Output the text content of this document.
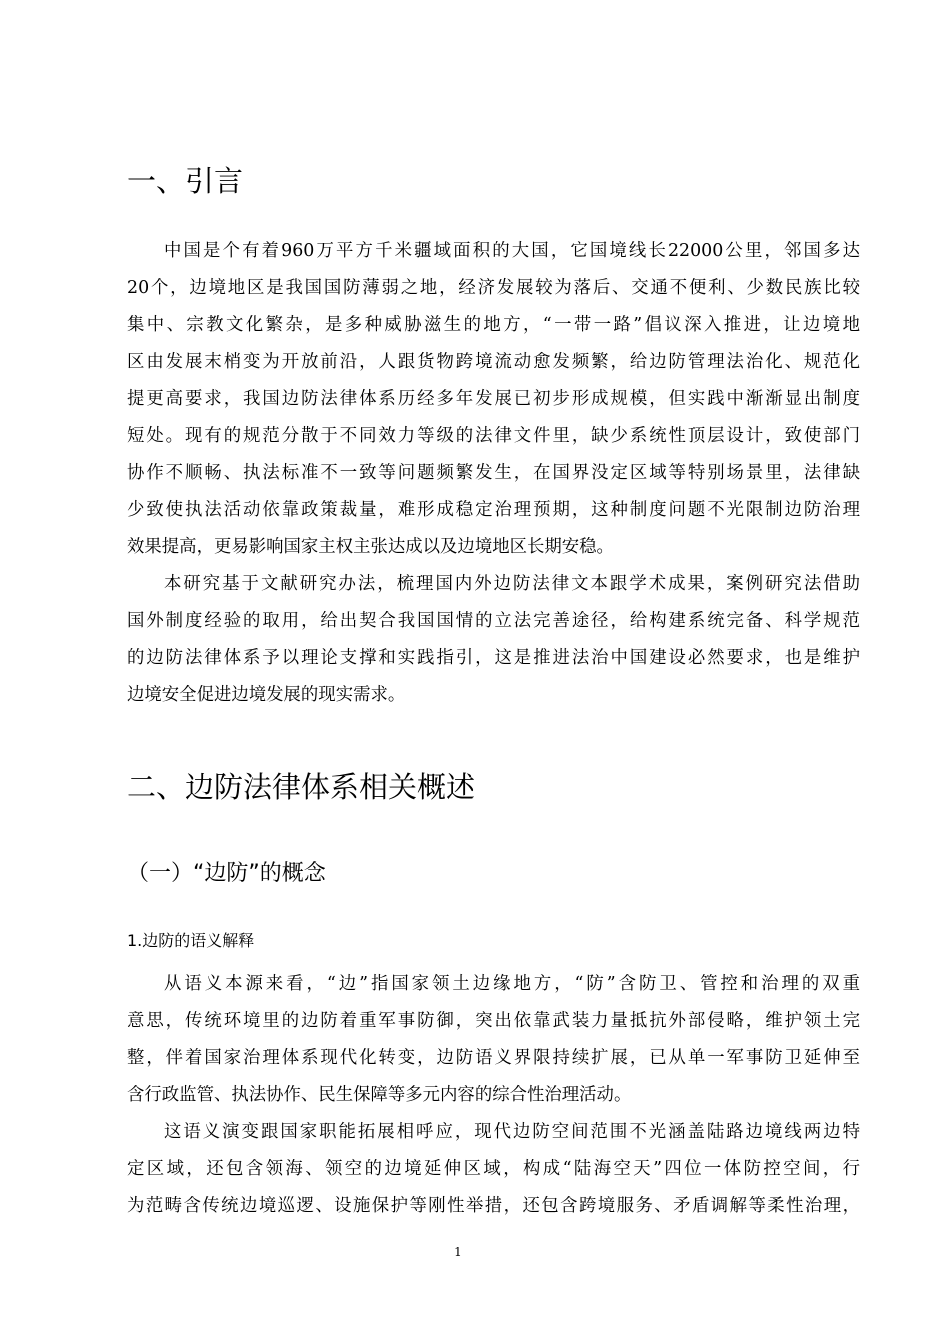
一、引言
中国是个有着960万平方千米疆域面积的大国，它国境线长22000公里，邻国多达
20个，边境地区是我国国防薄弱之地，经济发展较为落后、交通不便利、少数民族比较
集中、宗教文化繁杂，是多种威胁滋生的地方，“一带一路”倡议深入推进，让边境地
区由发展末梢变为开放前沿，人跟货物跨境流动愈发频繁，给边防管理法治化、规范化
提更高要求，我国边防法律体系历经多年发展已初步形成规模，但实践中渐渐显出制度
短处。现有的规范分散于不同效力等级的法律文件里，缺少系统性顶层设计，致使部门
协作不顺畅、执法标准不一致等问题频繁发生，在国界没定区域等特别场景里，法律缺
少致使执法活动依靠政策裁量，难形成稳定治理预期，这种制度问题不光限制边防治理
效果提高，更易影响国家主权主张达成以及边境地区长期安稳。
本研究基于文献研究办法，梳理国内外边防法律文本跟学术成果，案例研究法借助
国外制度经验的取用，给出契合我国国情的立法完善途径，给构建系统完备、科学规范
的边防法律体系予以理论支撑和实践指引，这是推进法治中国建设必然要求，也是维护
边境安全促进边境发展的现实需求。
二、边防法律体系相关概述
（一）“边防”的概念
1.边防的语义解释
从语义本源来看，“边”指国家领土边缘地方，“防”含防卫、管控和治理的双重
意思，传统环境里的边防着重军事防御，突出依靠武装力量抵抗外部侵略，维护领土完
整，伴着国家治理体系现代化转变，边防语义界限持续扩展，已从单一军事防卫延伸至
含行政监管、执法协作、民生保障等多元内容的综合性治理活动。
这语义演变跟国家职能拓展相呼应，现代边防空间范围不光涵盖陆路边境线两边特
定区域，还包含领海、领空的边境延伸区域，构成“陆海空天”四位一体防控空间，行
为范畴含传统边境巡逻、设施保护等刚性举措，还包含跨境服务、矛盾调解等柔性治理，
1
